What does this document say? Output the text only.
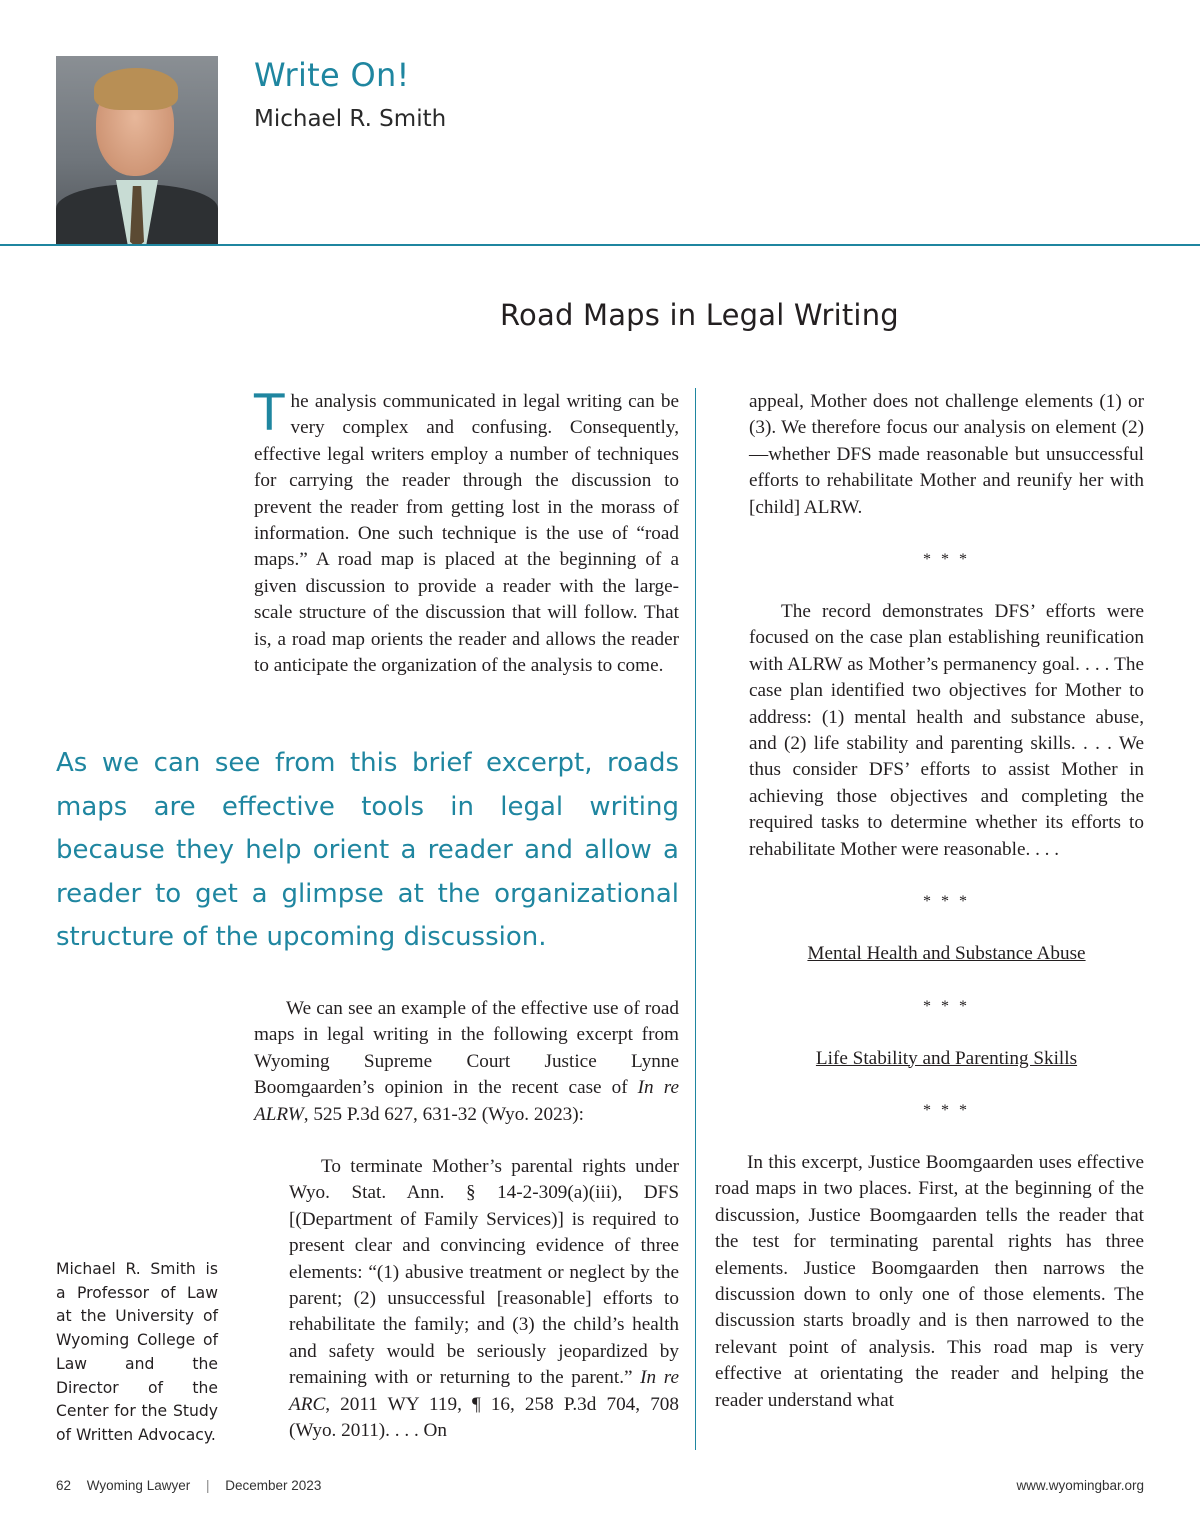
Write On!
Michael R. Smith
Road Maps in Legal Writing

The analysis communicated in legal writing can be very complex and confusing. Consequently, effective legal writers employ a number of techniques for carrying the reader through the discussion to prevent the reader from getting lost in the morass of information. One such technique is the use of “road maps.” A road map is placed at the beginning of a given discussion to provide a reader with the large-scale structure of the discussion that will follow. That is, a road map orients the reader and allows the reader to anticipate the organization of the analysis to come.

As we can see from this brief excerpt, roads maps are effective tools in legal writing because they help orient a reader and allow a reader to get a glimpse at the organizational structure of the upcoming discussion.

We can see an example of the effective use of road maps in legal writing in the following excerpt from Wyoming Supreme Court Justice Lynne Boomgaarden’s opinion in the recent case of In re ALRW, 525 P.3d 627, 631-32 (Wyo. 2023):

To terminate Mother’s parental rights under Wyo. Stat. Ann. § 14-2-309(a)(iii), DFS [(Department of Family Services)] is required to present clear and convincing evidence of three elements: “(1) abusive treatment or neglect by the parent; (2) unsuccessful [reasonable] efforts to rehabilitate the family; and (3) the child’s health and safety would be seriously jeopardized by remaining with or returning to the parent.” In re ARC, 2011 WY 119, ¶ 16, 258 P.3d 704, 708 (Wyo. 2011). . . . On

Michael R. Smith is a Professor of Law at the University of Wyoming College of Law and the Director of the Center for the Study of Written Advocacy.

appeal, Mother does not challenge elements (1) or (3). We therefore focus our analysis on element (2)—whether DFS made reasonable but unsuccessful efforts to rehabilitate Mother and reunify her with [child] ALRW.

* * *

The record demonstrates DFS’ efforts were focused on the case plan establishing reunification with ALRW as Mother’s permanency goal. . . . The case plan identified two objectives for Mother to address: (1) mental health and substance abuse, and (2) life stability and parenting skills. . . . We thus consider DFS’ efforts to assist Mother in achieving those objectives and completing the required tasks to determine whether its efforts to rehabilitate Mother were reasonable. . . .

* * *

Mental Health and Substance Abuse

* * *

Life Stability and Parenting Skills

* * *

In this excerpt, Justice Boomgaarden uses effective road maps in two places. First, at the beginning of the discussion, Justice Boomgaarden tells the reader that the test for terminating parental rights has three elements. Justice Boomgaarden then narrows the discussion down to only one of those elements. The discussion starts broadly and is then narrowed to the relevant point of analysis. This road map is very effective at orientating the reader and helping the reader understand what

62 Wyoming Lawyer | December 2023	www.wyomingbar.org
